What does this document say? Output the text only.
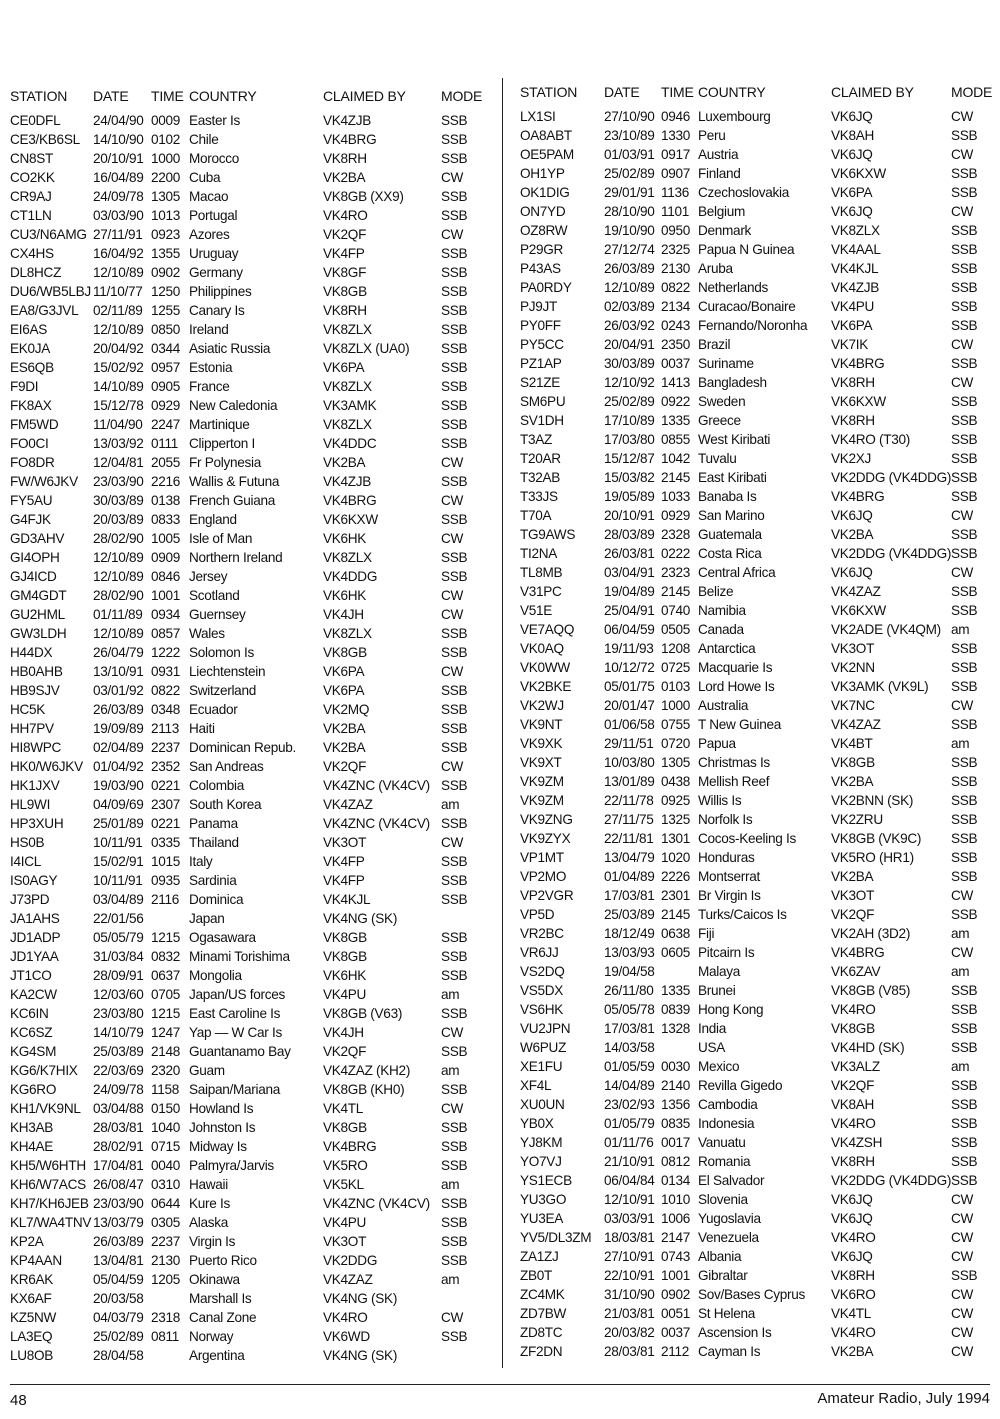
STATION	DATE	TIME COUNTRY	CLAIMED BY	MODE
CE0DFL	24/04/90 0009 Easter Is	VK4ZJB	SSB
CE3/KB6SL 14/10/90 0102 Chile	VK4BRG	SSB
CN8ST	20/10/91 1000 Morocco	VK8RH	SSB
CO2KK	16/04/89 2200 Cuba	VK2BA	CW
CR9AJ	24/09/78 1305 Macao	VK8GB (XX9)	SSB
CT1LN	03/03/90 1013 Portugal	VK4RO	SSB
CU3/N6AMG 27/11/91 0923 Azores	VK2QF	CW
CX4HS	16/04/92 1355 Uruguay	VK4FP	SSB
DL8HCZ	12/10/89 0902 Germany	VK8GF	SSB
DU6/WB5LBJ 11/10/77 1250 Philippines	VK8GB	SSB
EA8/G3JVL	02/11/89 1255 Canary Is	VK8RH	SSB
EI6AS	12/10/89 0850 Ireland	VK8ZLX	SSB
EK0JA	20/04/92 0344 Asiatic Russia	VK8ZLX (UA0)	SSB
ES6QB	15/02/92 0957 Estonia	VK6PA	SSB
F9DI	14/10/89 0905 France	VK8ZLX	SSB
FK8AX	15/12/78 0929 New Caledonia	VK3AMK	SSB
FM5WD	11/04/90 2247 Martinique	VK8ZLX	SSB
FO0CI	13/03/92 0111 Clipperton I	VK4DDC	SSB
FO8DR	12/04/81 2055 Fr Polynesia	VK2BA	CW
FW/W6JKV	23/03/90 2216 Wallis & Futuna	VK4ZJB	SSB
FY5AU	30/03/89 0138 French Guiana	VK4BRG	CW
G4FJK	20/03/89 0833 England	VK6KXW	SSB
GD3AHV	28/02/90 1005 Isle of Man	VK6HK	CW
GI4OPH	12/10/89 0909 Northern Ireland	VK8ZLX	SSB
GJ4ICD	12/10/89 0846 Jersey	VK4DDG	SSB
GM4GDT	28/02/90 1001 Scotland	VK6HK	CW
GU2HML	01/11/89 0934 Guernsey	VK4JH	CW
GW3LDH	12/10/89 0857 Wales	VK8ZLX	SSB
H44DX	26/04/79 1222 Solomon Is	VK8GB	SSB
HB0AHB	13/10/91 0931 Liechtenstein	VK6PA	CW
HB9SJV	03/01/92 0822 Switzerland	VK6PA	SSB
HC5K	26/03/89 0348 Ecuador	VK2MQ	SSB
HH7PV	19/09/89 2113 Haiti	VK2BA	SSB
HI8WPC	02/04/89 2237 Dominican Repub.	VK2BA	SSB
HK0/W6JKV 01/04/92 2352 San Andreas	VK2QF	CW
HK1JXV	19/03/90 0221 Colombia	VK4ZNC (VK4CV) SSB
HL9WI	04/09/69 2307 South Korea	VK4ZAZ	am
HP3XUH	25/01/89 0221 Panama	VK4ZNC (VK4CV) SSB
HS0B	10/11/91 0335 Thailand	VK3OT	CW
I4ICL	15/02/91 1015 Italy	VK4FP	SSB
IS0AGY	10/11/91 0935 Sardinia	VK4FP	SSB
J73PD	03/04/89 2116 Dominica	VK4KJL	SSB
JA1AHS	22/01/56	Japan	VK4NG (SK)
JD1ADP	05/05/79 1215 Ogasawara	VK8GB	SSB
JD1YAA	31/03/84 0832 Minami Torishima	VK8GB	SSB
JT1CO	28/09/91 0637 Mongolia	VK6HK	SSB
KA2CW	12/03/60 0705 Japan/US forces	VK4PU	am
KC6IN	23/03/80 1215 East Caroline Is	VK8GB (V63)	SSB
KC6SZ	14/10/79 1247 Yap — W Car Is	VK4JH	CW
KG4SM	25/03/89 2148 Guantanamo Bay	VK2QF	SSB
KG6/K7HIX	22/03/69 2320 Guam	VK4ZAZ (KH2)	am
KG6RO	24/09/78 1158 Saipan/Mariana	VK8GB (KH0)	SSB
KH1/VK9NL 03/04/88 0150 Howland Is	VK4TL	CW
KH3AB	28/03/81 1040 Johnston Is	VK8GB	SSB
KH4AE	28/02/91 0715 Midway Is	VK4BRG	SSB
KH5/W6HTH 17/04/81 0040 Palmyra/Jarvis	VK5RO	SSB
KH6/W7ACS 26/08/47 0310 Hawaii	VK5KL	am
KH7/KH6JEB 23/03/90 0644 Kure Is	VK4ZNC (VK4CV) SSB
KL7/WA4TNV 13/03/79 0305 Alaska	VK4PU	SSB
KP2A	26/03/89 2237 Virgin Is	VK3OT	SSB
KP4AAN	13/04/81 2130 Puerto Rico	VK2DDG	SSB
KR6AK	05/04/59 1205 Okinawa	VK4ZAZ	am
KX6AF	20/03/58	Marshall Is	VK4NG (SK)
KZ5NW	04/03/79 2318 Canal Zone	VK4RO	CW
LA3EQ	25/02/89 0811 Norway	VK6WD	SSB
LU8OB	28/04/58	Argentina	VK4NG (SK)
STATION	DATE	TIME COUNTRY	CLAIMED BY	MODE
LX1SI	27/10/90 0946 Luxembourg	VK6JQ	CW
OA8ABT	23/10/89 1330 Peru	VK8AH	SSB
OE5PAM	01/03/91 0917 Austria	VK6JQ	CW
OH1YP	25/02/89 0907 Finland	VK6KXW	SSB
OK1DIG	29/01/91 1136 Czechoslovakia	VK6PA	SSB
ON7YD	28/10/90 1101 Belgium	VK6JQ	CW
OZ8RW	19/10/90 0950 Denmark	VK8ZLX	SSB
P29GR	27/12/74 2325 Papua N Guinea	VK4AAL	SSB
P43AS	26/03/89 2130 Aruba	VK4KJL	SSB
PA0RDY	12/10/89 0822 Netherlands	VK4ZJB	SSB
PJ9JT	02/03/89 2134 Curacao/Bonaire	VK4PU	SSB
PY0FF	26/03/92 0243 Fernando/Noronha	VK6PA	SSB
PY5CC	20/04/91 2350 Brazil	VK7IK	CW
PZ1AP	30/03/89 0037 Suriname	VK4BRG	SSB
S21ZE	12/10/92 1413 Bangladesh	VK8RH	CW
SM6PU	25/02/89 0922 Sweden	VK6KXW	SSB
SV1DH	17/10/89 1335 Greece	VK8RH	SSB
T3AZ	17/03/80 0855 West Kiribati	VK4RO (T30)	SSB
T20AR	15/12/87 1042 Tuvalu	VK2XJ	SSB
T32AB	15/03/82 2145 East Kiribati	VK2DDG (VK4DDG) SSB
T33JS	19/05/89 1033 Banaba Is	VK4BRG	SSB
T70A	20/10/91 0929 San Marino	VK6JQ	CW
TG9AWS	28/03/89 2328 Guatemala	VK2BA	SSB
TI2NA	26/03/81 0222 Costa Rica	VK2DDG (VK4DDG) SSB
TL8MB	03/04/91 2323 Central Africa	VK6JQ	CW
V31PC	19/04/89 2145 Belize	VK4ZAZ	SSB
V51E	25/04/91 0740 Namibia	VK6KXW	SSB
VE7AQQ	06/04/59 0505 Canada	VK2ADE (VK4QM) am
VK0AQ	19/11/93 1208 Antarctica	VK3OT	SSB
VK0WW	10/12/72 0725 Macquarie Is	VK2NN	SSB
VK2BKE	05/01/75 0103 Lord Howe Is	VK3AMK (VK9L)	SSB
VK2WJ	20/01/47 1000 Australia	VK7NC	CW
VK9NT	01/06/58 0755 T New Guinea	VK4ZAZ	SSB
VK9XK	29/11/51 0720 Papua	VK4BT	am
VK9XT	10/03/80 1305 Christmas Is	VK8GB	SSB
VK9ZM	13/01/89 0438 Mellish Reef	VK2BA	SSB
VK9ZM	22/11/78 0925 Willis Is	VK2BNN (SK)	SSB
VK9ZNG	27/11/75 1325 Norfolk Is	VK2ZRU	SSB
VK9ZYX	22/11/81 1301 Cocos-Keeling Is	VK8GB (VK9C)	SSB
VP1MT	13/04/79 1020 Honduras	VK5RO (HR1)	SSB
VP2MO	01/04/89 2226 Montserrat	VK2BA	SSB
VP2VGR	17/03/81 2301 Br Virgin Is	VK3OT	CW
VP5D	25/03/89 2145 Turks/Caicos Is	VK2QF	SSB
VR2BC	18/12/49 0638 Fiji	VK2AH (3D2)	am
VR6JJ	13/03/93 0605 Pitcairn Is	VK4BRG	CW
VS2DQ	19/04/58	Malaya	VK6ZAV	am
VS5DX	26/11/80 1335 Brunei	VK8GB (V85)	SSB
VS6HK	05/05/78 0839 Hong Kong	VK4RO	SSB
VU2JPN	17/03/81 1328 India	VK8GB	SSB
W6PUZ	14/03/58	USA	VK4HD (SK)	SSB
XE1FU	01/05/59 0030 Mexico	VK3ALZ	am
XF4L	14/04/89 2140 Revilla Gigedo	VK2QF	SSB
XU0UN	23/02/93 1356 Cambodia	VK8AH	SSB
YB0X	01/05/79 0835 Indonesia	VK4RO	SSB
YJ8KM	01/11/76 0017 Vanuatu	VK4ZSH	SSB
YO7VJ	21/10/91 0812 Romania	VK8RH	SSB
YS1ECB	06/04/84 0134 El Salvador	VK2DDG (VK4DDG) SSB
YU3GO	12/10/91 1010 Slovenia	VK6JQ	CW
YU3EA	03/03/91 1006 Yugoslavia	VK6JQ	CW
YV5/DL3ZM 18/03/81 2147 Venezuela	VK4RO	CW
ZA1ZJ	27/10/91 0743 Albania	VK6JQ	CW
ZB0T	22/10/91 1001 Gibraltar	VK8RH	SSB
ZC4MK	31/10/90 0902 Sov/Bases Cyprus	VK6RO	CW
ZD7BW	21/03/81 0051 St Helena	VK4TL	CW
ZD8TC	20/03/82 0037 Ascension Is	VK4RO	CW
ZF2DN	28/03/81 2112 Cayman Is	VK2BA	CW
48	Amateur Radio, July 1994
